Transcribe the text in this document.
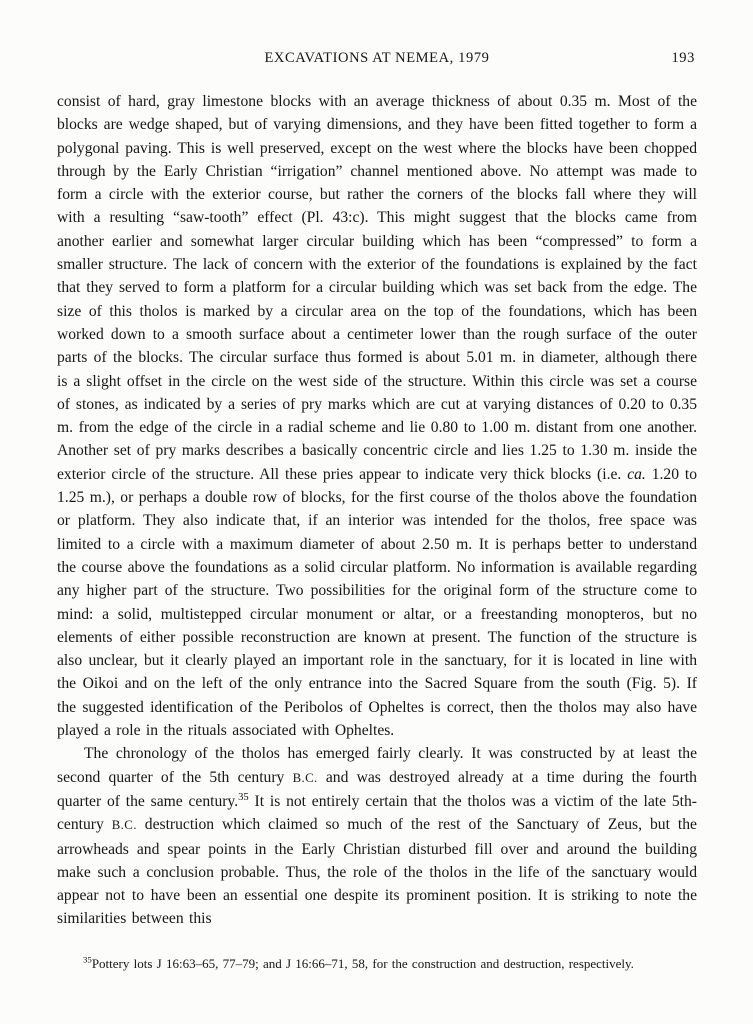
EXCAVATIONS AT NEMEA, 1979	193

consist of hard, gray limestone blocks with an average thickness of about 0.35 m. Most of the blocks are wedge shaped, but of varying dimensions, and they have been fitted together to form a polygonal paving. This is well preserved, except on the west where the blocks have been chopped through by the Early Christian “irrigation” channel mentioned above. No attempt was made to form a circle with the exterior course, but rather the corners of the blocks fall where they will with a resulting “saw-tooth” effect (Pl. 43:c). This might suggest that the blocks came from another earlier and somewhat larger circular building which has been “compressed” to form a smaller structure. The lack of concern with the exterior of the foundations is explained by the fact that they served to form a platform for a circular building which was set back from the edge. The size of this tholos is marked by a circular area on the top of the foundations, which has been worked down to a smooth surface about a centimeter lower than the rough surface of the outer parts of the blocks. The circular surface thus formed is about 5.01 m. in diameter, although there is a slight offset in the circle on the west side of the structure. Within this circle was set a course of stones, as indicated by a series of pry marks which are cut at varying distances of 0.20 to 0.35 m. from the edge of the circle in a radial scheme and lie 0.80 to 1.00 m. distant from one another. Another set of pry marks describes a basically concentric circle and lies 1.25 to 1.30 m. inside the exterior circle of the structure. All these pries appear to indicate very thick blocks (i.e. ca. 1.20 to 1.25 m.), or perhaps a double row of blocks, for the first course of the tholos above the foundation or platform. They also indicate that, if an interior was intended for the tholos, free space was limited to a circle with a maximum diameter of about 2.50 m. It is perhaps better to understand the course above the foundations as a solid circular platform. No information is available regarding any higher part of the structure. Two possibilities for the original form of the structure come to mind: a solid, multistepped circular monument or altar, or a freestanding monopteros, but no elements of either possible reconstruction are known at present. The function of the structure is also unclear, but it clearly played an important role in the sanctuary, for it is located in line with the Oikoi and on the left of the only entrance into the Sacred Square from the south (Fig. 5). If the suggested identification of the Peribolos of Opheltes is correct, then the tholos may also have played a role in the rituals associated with Opheltes.

The chronology of the tholos has emerged fairly clearly. It was constructed by at least the second quarter of the 5th century B.C. and was destroyed already at a time during the fourth quarter of the same century.$^{35}$ It is not entirely certain that the tholos was a victim of the late 5th-century B.C. destruction which claimed so much of the rest of the Sanctuary of Zeus, but the arrowheads and spear points in the Early Christian disturbed fill over and around the building make such a conclusion probable. Thus, the role of the tholos in the life of the sanctuary would appear not to have been an essential one despite its prominent position. It is striking to note the similarities between this

$^{35}$Pottery lots J 16:63–65, 77–79; and J 16:66–71, 58, for the construction and destruction, respectively.
